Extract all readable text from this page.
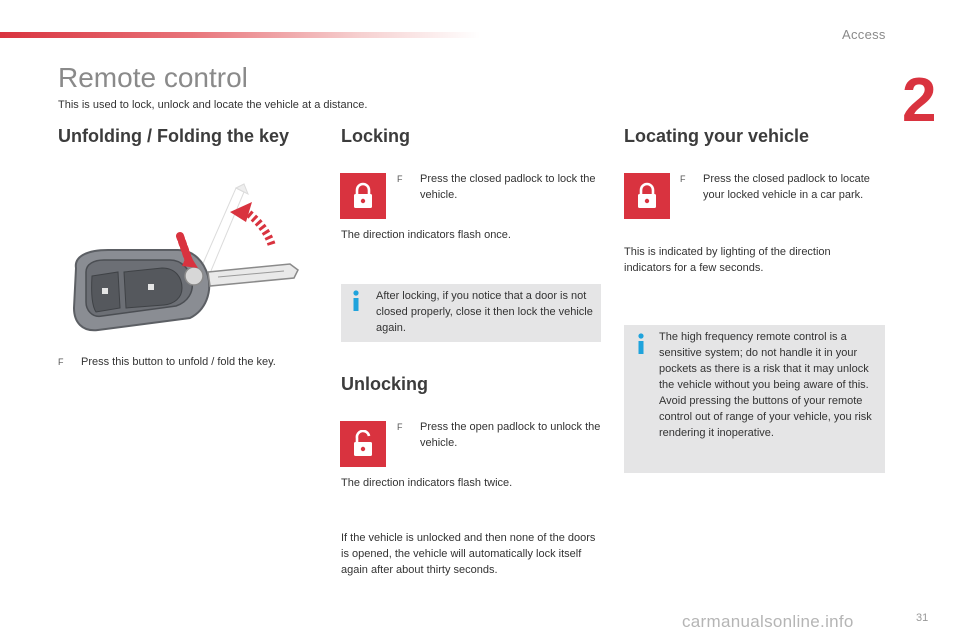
Access
2
Remote control
This is used to lock, unlock and locate the vehicle at a distance.
Unfolding / Folding the key
F	Press this button to unfold / fold the key.
Locking
F	Press the closed padlock to lock the vehicle.
The direction indicators flash once.
After locking, if you notice that a door is not closed properly, close it then lock the vehicle again.
Unlocking
F	Press the open padlock to unlock the vehicle.
The direction indicators flash twice.
If the vehicle is unlocked and then none of the doors is opened, the vehicle will automatically lock itself again after about thirty seconds.
Locating your vehicle
F	Press the closed padlock to locate your locked vehicle in a car park.
This is indicated by lighting of the direction indicators for a few seconds.
The high frequency remote control is a sensitive system; do not handle it in your pockets as there is a risk that it may unlock the vehicle without you being aware of this.
Avoid pressing the buttons of your remote control out of range of your vehicle, you risk rendering it inoperative.
carmanualsonline.info	31
